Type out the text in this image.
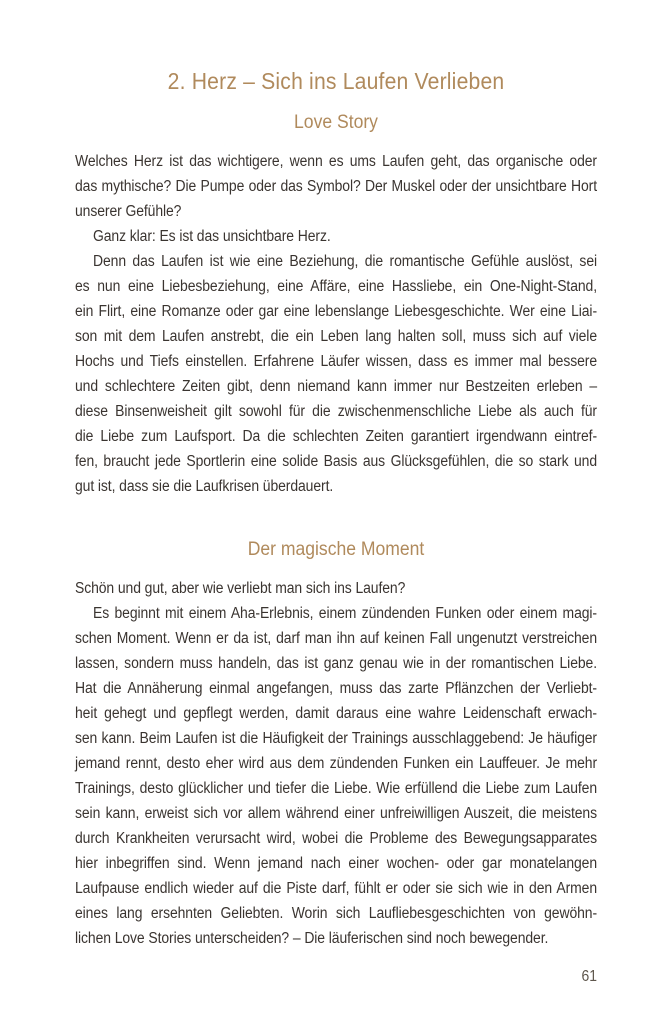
2. Herz – Sich ins Laufen Verlieben
Love Story
Welches Herz ist das wichtigere, wenn es ums Laufen geht, das organische oder
das mythische? Die Pumpe oder das Symbol? Der Muskel oder der unsichtbare Hort
unserer Gefühle?
Ganz klar: Es ist das unsichtbare Herz.
Denn das Laufen ist wie eine Beziehung, die romantische Gefühle auslöst, sei
es nun eine Liebesbeziehung, eine Affäre, eine Hassliebe, ein One-Night-Stand,
ein Flirt, eine Romanze oder gar eine lebenslange Liebesgeschichte. Wer eine Liai-
son mit dem Laufen anstrebt, die ein Leben lang halten soll, muss sich auf viele
Hochs und Tiefs einstellen. Erfahrene Läufer wissen, dass es immer mal bessere
und schlechtere Zeiten gibt, denn niemand kann immer nur Bestzeiten erleben –
diese Binsenweisheit gilt sowohl für die zwischenmenschliche Liebe als auch für
die Liebe zum Laufsport. Da die schlechten Zeiten garantiert irgendwann eintref-
fen, braucht jede Sportlerin eine solide Basis aus Glücksgefühlen, die so stark und
gut ist, dass sie die Laufkrisen überdauert.
Der magische Moment
Schön und gut, aber wie verliebt man sich ins Laufen?
Es beginnt mit einem Aha-Erlebnis, einem zündenden Funken oder einem magi-
schen Moment. Wenn er da ist, darf man ihn auf keinen Fall ungenutzt verstreichen
lassen, sondern muss handeln, das ist ganz genau wie in der romantischen Liebe.
Hat die Annäherung einmal angefangen, muss das zarte Pflänzchen der Verliebt-
heit gehegt und gepflegt werden, damit daraus eine wahre Leidenschaft erwach-
sen kann. Beim Laufen ist die Häufigkeit der Trainings ausschlaggebend: Je häufiger
jemand rennt, desto eher wird aus dem zündenden Funken ein Lauffeuer. Je mehr
Trainings, desto glücklicher und tiefer die Liebe. Wie erfüllend die Liebe zum Laufen
sein kann, erweist sich vor allem während einer unfreiwilligen Auszeit, die meistens
durch Krankheiten verursacht wird, wobei die Probleme des Bewegungsapparates
hier inbegriffen sind. Wenn jemand nach einer wochen- oder gar monatelangen
Laufpause endlich wieder auf die Piste darf, fühlt er oder sie sich wie in den Armen
eines lang ersehnten Geliebten. Worin sich Laufliebesgeschichten von gewöhn-
lichen Love Stories unterscheiden? – Die läuferischen sind noch bewegender.
61
